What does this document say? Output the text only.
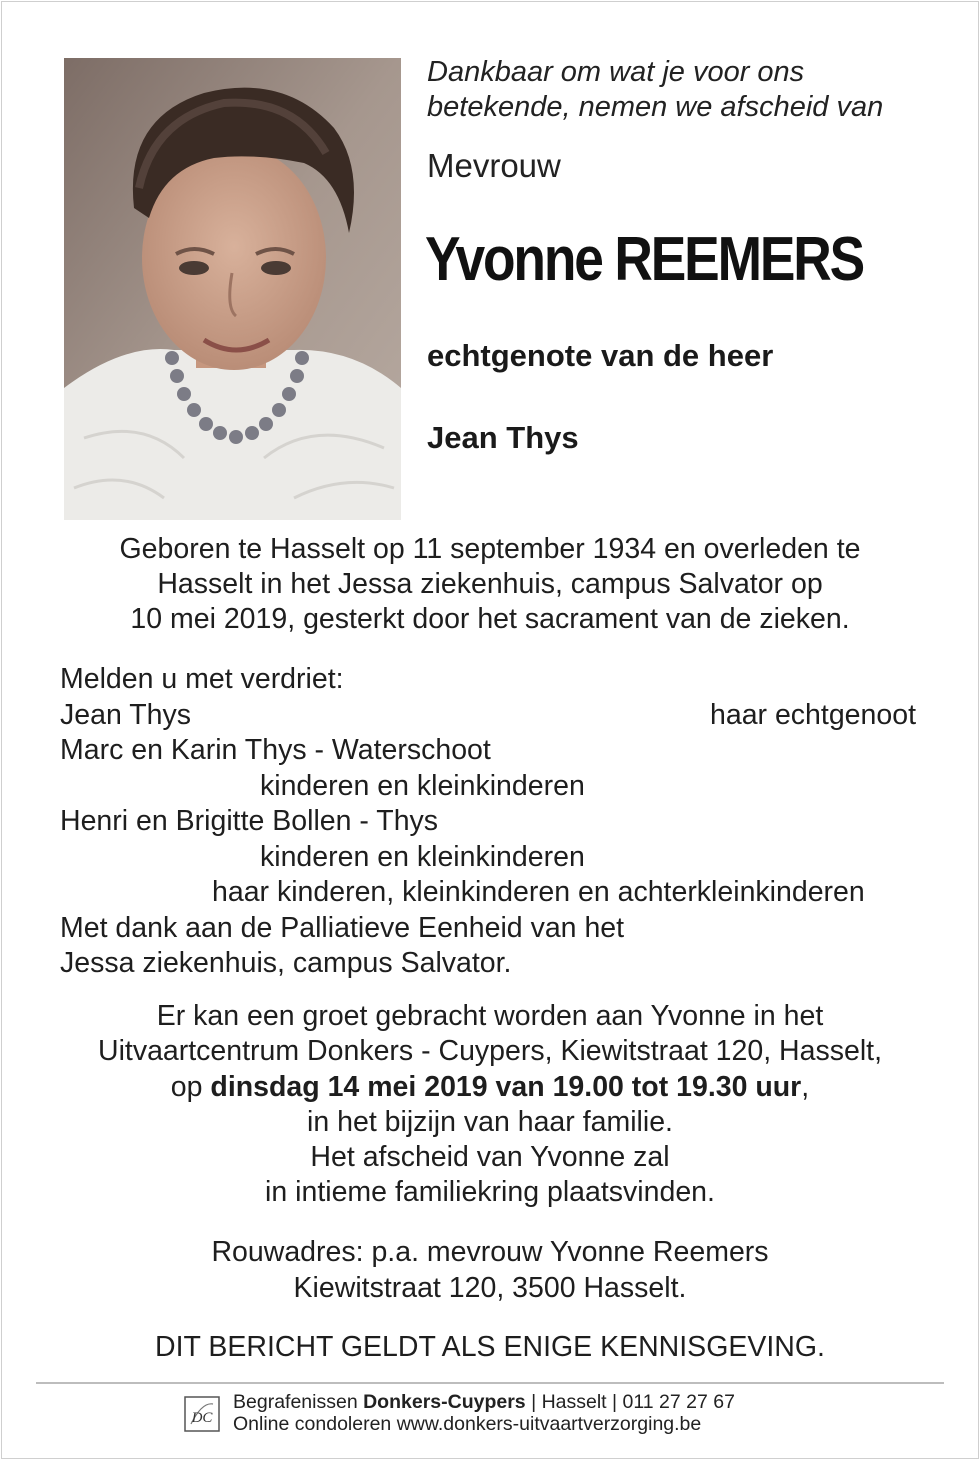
Dankbaar om wat je voor ons
betekende, nemen we afscheid van
Mevrouw
Yvonne REEMERS
echtgenote van de heer
Jean Thys
Geboren te Hasselt op 11 september 1934 en overleden te
Hasselt in het Jessa ziekenhuis, campus Salvator op
10 mei 2019, gesterkt door het sacrament van de zieken.
Melden u met verdriet:
Jean Thys	haar echtgenoot
Marc en Karin Thys - Waterschoot
kinderen en kleinkinderen
Henri en Brigitte Bollen - Thys
kinderen en kleinkinderen
haar kinderen, kleinkinderen en achterkleinkinderen
Met dank aan de Palliatieve Eenheid van het
Jessa ziekenhuis, campus Salvator.
Er kan een groet gebracht worden aan Yvonne in het
Uitvaartcentrum Donkers - Cuypers, Kiewitstraat 120, Hasselt,
op dinsdag 14 mei 2019 van 19.00 tot 19.30 uur,
in het bijzijn van haar familie.
Het afscheid van Yvonne zal
in intieme familiekring plaatsvinden.
Rouwadres: p.a. mevrouw Yvonne Reemers
Kiewitstraat 120, 3500 Hasselt.
DIT BERICHT GELDT ALS ENIGE KENNISGEVING.
DC
Begrafenissen Donkers-Cuypers | Hasselt | 011 27 27 67
Online condoleren www.donkers-uitvaartverzorging.be
